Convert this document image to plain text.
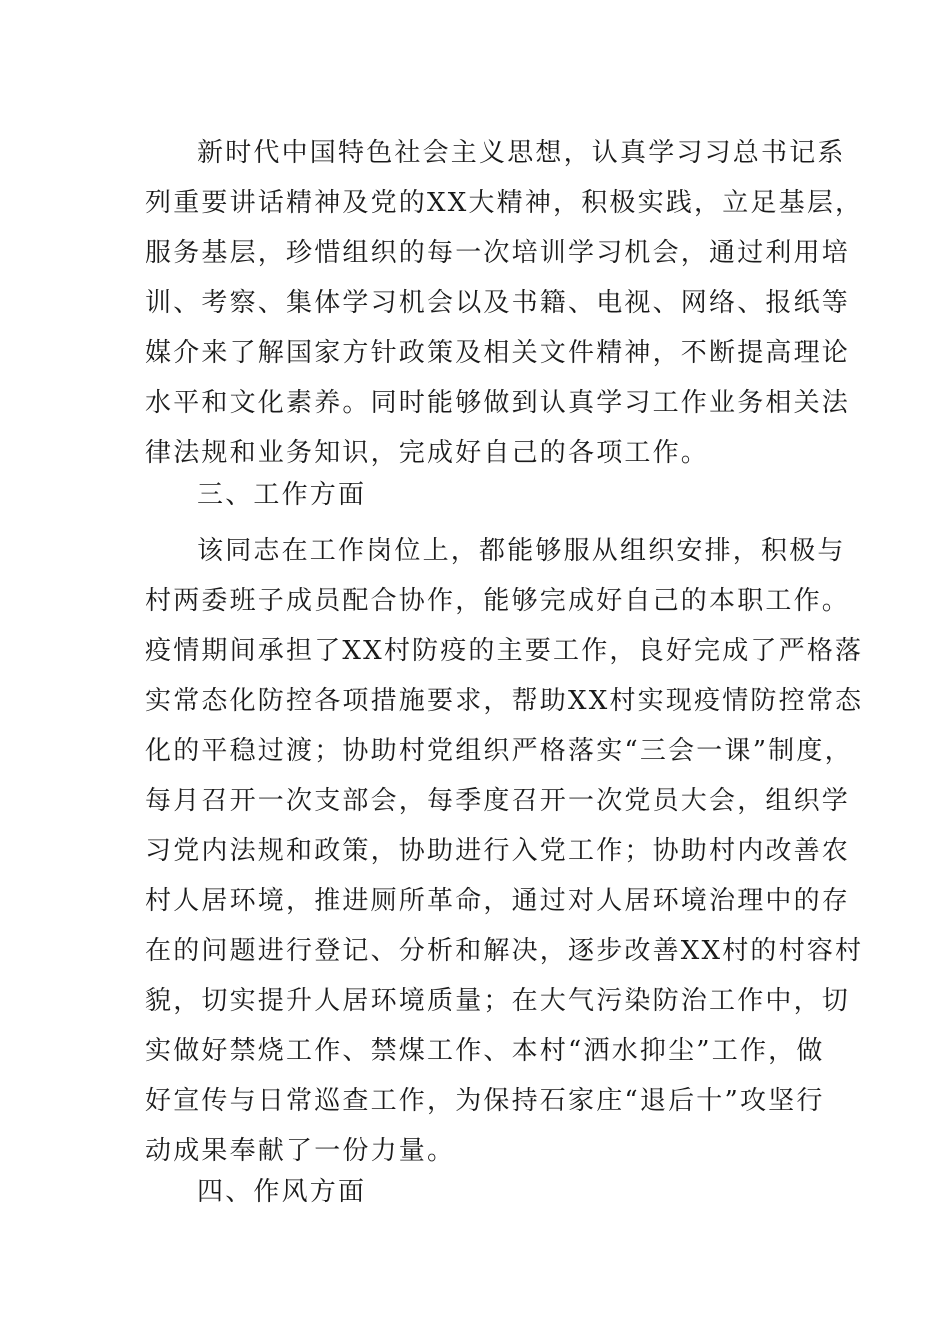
新时代中国特色社会主义思想，认真学习习总书记系
列重要讲话精神及党的XX大精神，积极实践，立足基层，
服务基层，珍惜组织的每一次培训学习机会，通过利用培
训、考察、集体学习机会以及书籍、电视、网络、报纸等
媒介来了解国家方针政策及相关文件精神，不断提高理论
水平和文化素养。同时能够做到认真学习工作业务相关法
律法规和业务知识，完成好自己的各项工作。
三、工作方面
该同志在工作岗位上，都能够服从组织安排，积极与
村两委班子成员配合协作，能够完成好自己的本职工作。
疫情期间承担了XX村防疫的主要工作，良好完成了严格落
实常态化防控各项措施要求，帮助XX村实现疫情防控常态
化的平稳过渡；协助村党组织严格落实“三会一课”制度，
每月召开一次支部会，每季度召开一次党员大会，组织学
习党内法规和政策，协助进行入党工作；协助村内改善农
村人居环境，推进厕所革命，通过对人居环境治理中的存
在的问题进行登记、分析和解决，逐步改善XX村的村容村
貌，切实提升人居环境质量；在大气污染防治工作中，切
实做好禁烧工作、禁煤工作、本村“洒水抑尘”工作，做
好宣传与日常巡查工作，为保持石家庄“退后十”攻坚行
动成果奉献了一份力量。
四、作风方面
